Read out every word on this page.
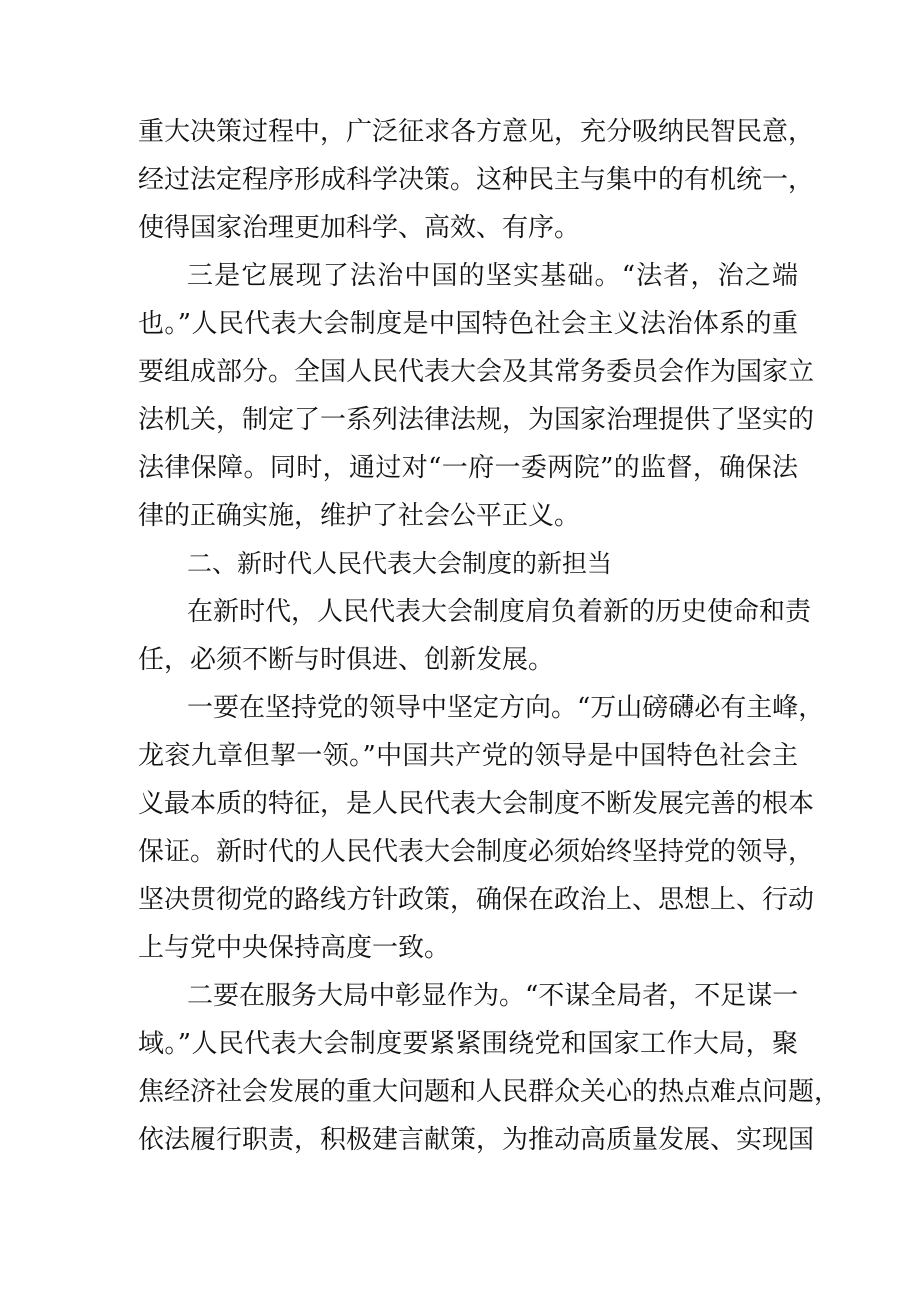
重大决策过程中，广泛征求各方意见，充分吸纳民智民意，
经过法定程序形成科学决策。这种民主与集中的有机统一，
使得国家治理更加科学、高效、有序。
三是它展现了法治中国的坚实基础。“法者，治之端
也。”人民代表大会制度是中国特色社会主义法治体系的重
要组成部分。全国人民代表大会及其常务委员会作为国家立
法机关，制定了一系列法律法规，为国家治理提供了坚实的
法律保障。同时，通过对“一府一委两院”的监督，确保法
律的正确实施，维护了社会公平正义。
二、新时代人民代表大会制度的新担当
在新时代，人民代表大会制度肩负着新的历史使命和责
任，必须不断与时俱进、创新发展。
一要在坚持党的领导中坚定方向。“万山磅礴必有主峰，
龙衮九章但挈一领。”中国共产党的领导是中国特色社会主
义最本质的特征，是人民代表大会制度不断发展完善的根本
保证。新时代的人民代表大会制度必须始终坚持党的领导，
坚决贯彻党的路线方针政策，确保在政治上、思想上、行动
上与党中央保持高度一致。
二要在服务大局中彰显作为。“不谋全局者，不足谋一
域。”人民代表大会制度要紧紧围绕党和国家工作大局，聚
焦经济社会发展的重大问题和人民群众关心的热点难点问题，
依法履行职责，积极建言献策，为推动高质量发展、实现国
